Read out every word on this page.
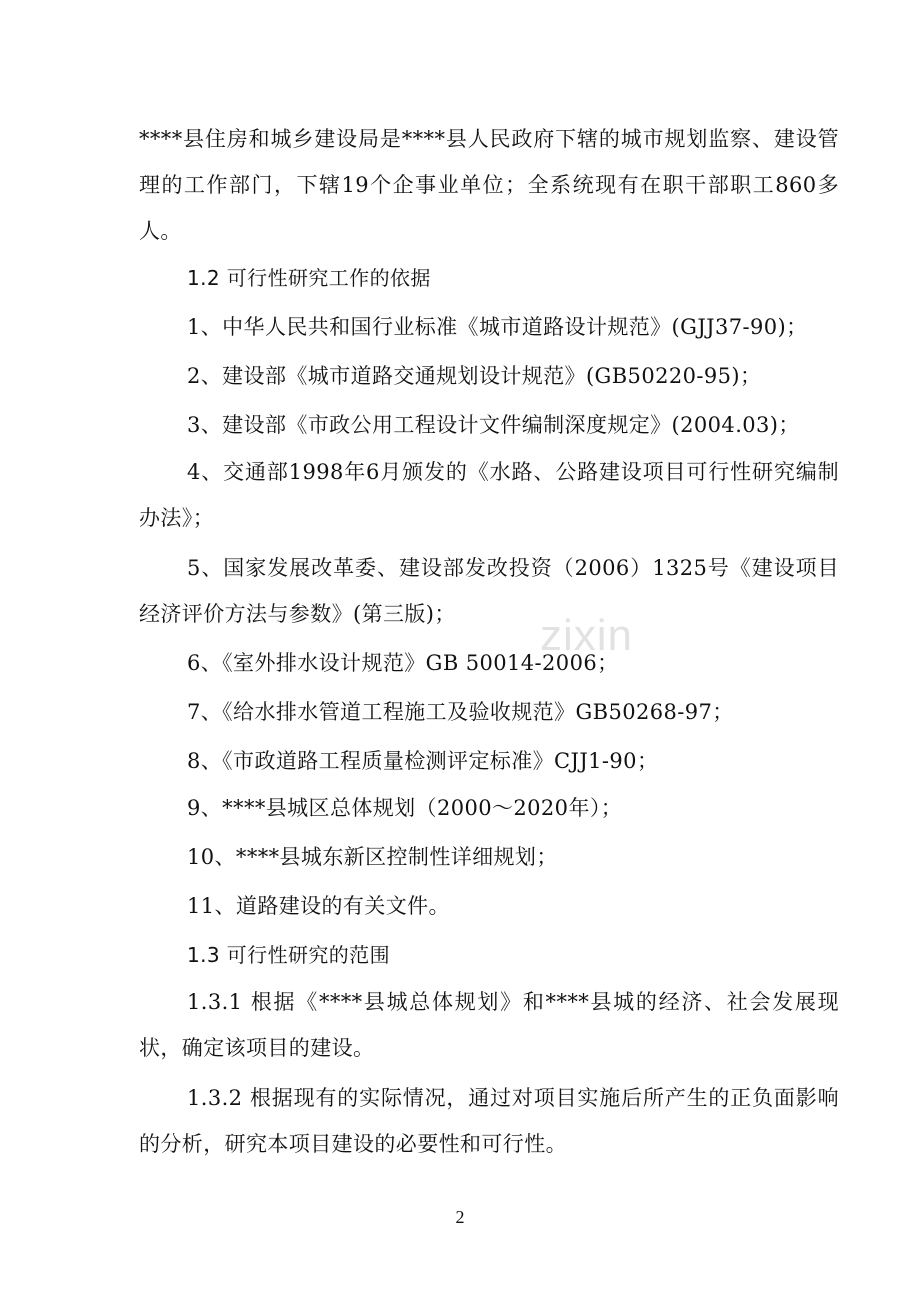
****县住房和城乡建设局是****县人民政府下辖的城市规划监察、建设管理的工作部门，下辖19个企事业单位；全系统现有在职干部职工860多人。

1.2 可行性研究工作的依据

1、中华人民共和国行业标准《城市道路设计规范》(GJJ37-90)；

2、建设部《城市道路交通规划设计规范》(GB50220-95)；

3、建设部《市政公用工程设计文件编制深度规定》(2004.03)；

4、交通部1998年6月颁发的《水路、公路建设项目可行性研究编制办法》；

5、国家发展改革委、建设部发改投资（2006）1325号《建设项目经济评价方法与参数》(第三版)；

6、《室外排水设计规范》GB 50014-2006；

7、《给水排水管道工程施工及验收规范》GB50268-97；

8、《市政道路工程质量检测评定标准》CJJ1-90；

9、****县城区总体规划（2000～2020年）；

10、****县城东新区控制性详细规划；

11、道路建设的有关文件。

1.3 可行性研究的范围

1.3.1 根据《****县城总体规划》和****县城的经济、社会发展现状，确定该项目的建设。

1.3.2 根据现有的实际情况，通过对项目实施后所产生的正负面影响的分析，研究本项目建设的必要性和可行性。

zixin
2
